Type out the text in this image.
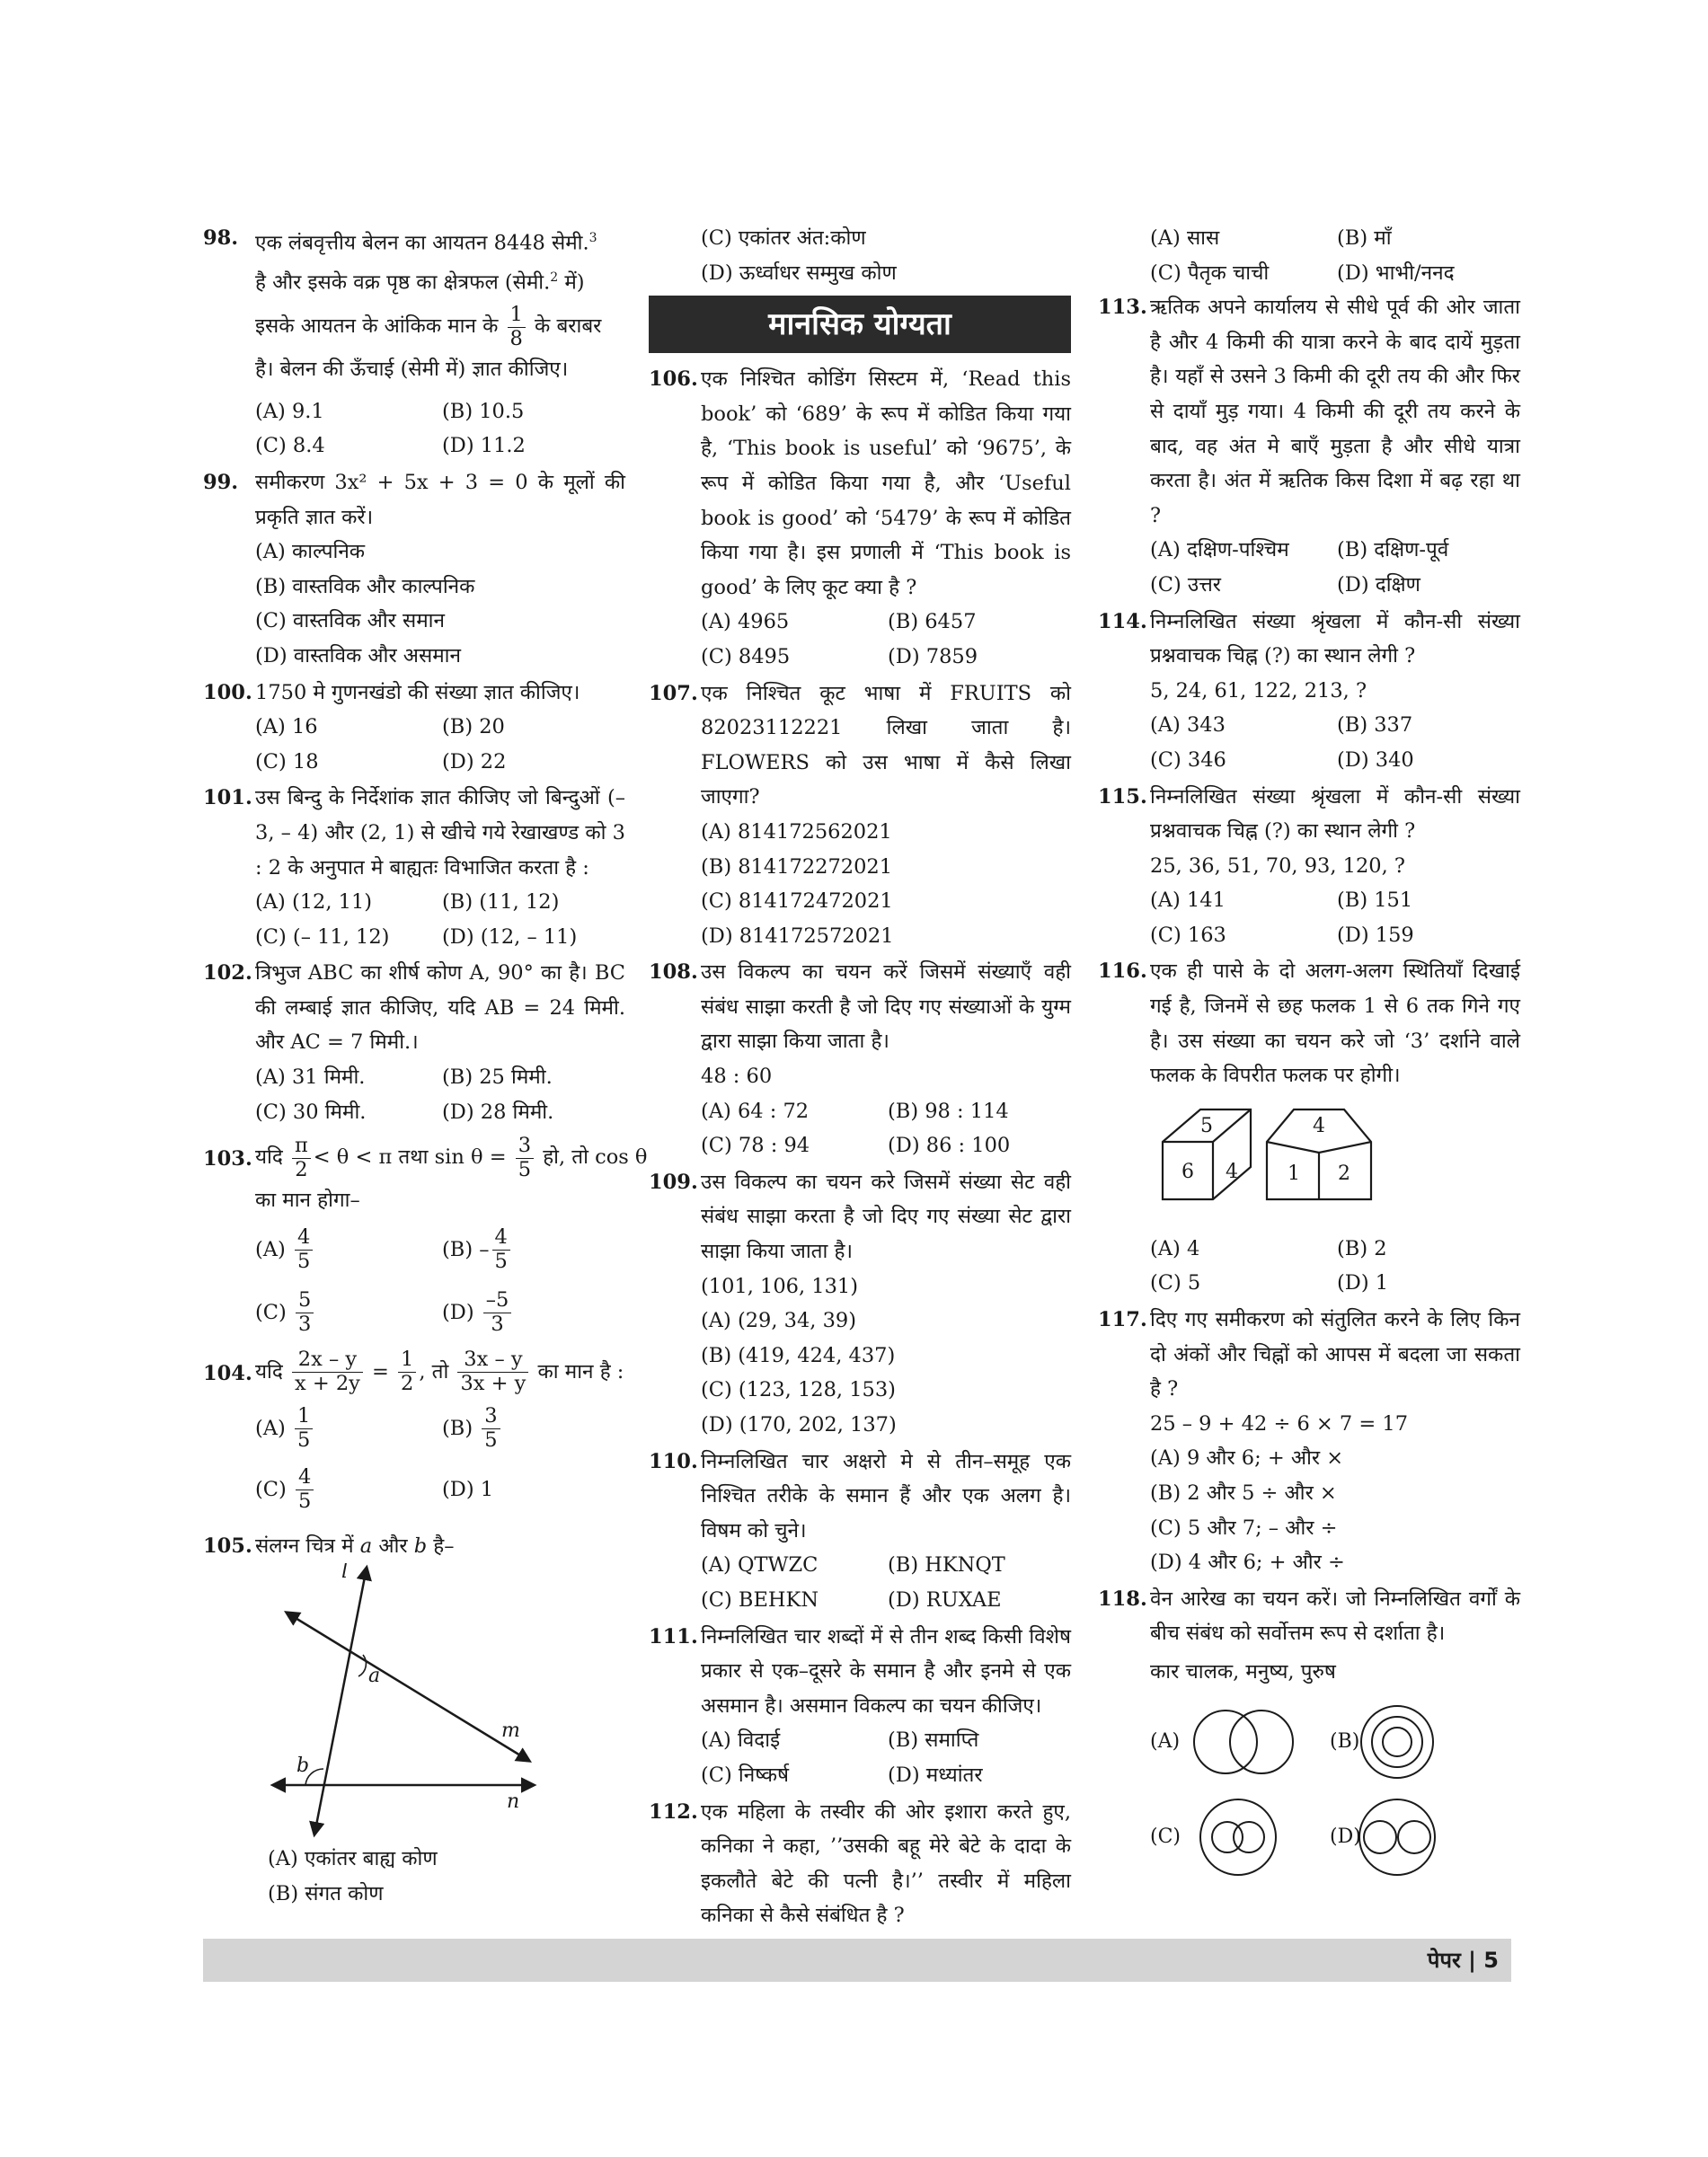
98. एक लंबवृत्तीय बेलन का आयतन 8448 सेमी.$^3$
है और इसके वक्र पृष्ठ का क्षेत्रफल (सेमी.$^2$ में)
इसके आयतन के आंकिक मान के $\frac{1}{8}$ के बराबर
है। बेलन की ऊँचाई (सेमी में) ज्ञात कीजिए।
(A) 9.1	(B) 10.5
(C) 8.4	(D) 11.2
99. समीकरण 3x² + 5x + 3 = 0 के मूलों की प्रकृति ज्ञात करें।
(A) काल्पनिक
(B) वास्तविक और काल्पनिक
(C) वास्तविक और समान
(D) वास्तविक और असमान
100. 1750 मे गुणनखंडो की संख्या ज्ञात कीजिए।
(A) 16	(B) 20
(C) 18	(D) 22
101. उस बिन्दु के निर्देशांक ज्ञात कीजिए जो बिन्दुओं (–3, – 4) और (2, 1) से खीचे गये रेखाखण्ड को 3 : 2 के अनुपात मे बाह्यतः विभाजित करता है :
(A) (12, 11)	(B) (11, 12)
(C) (– 11, 12)	(D) (12, – 11)
102. त्रिभुज ABC का शीर्ष कोण A, 90° का है। BC की लम्बाई ज्ञात कीजिए, यदि AB = 24 मिमी. और AC = 7 मिमी.।
(A) 31 मिमी.	(B) 25 मिमी.
(C) 30 मिमी.	(D) 28 मिमी.
103. यदि $\frac{\pi}{2} < \theta < \pi$ तथा $\sin \theta = \frac{3}{5}$ हो, तो cos θ
का मान होगा–
$(A) \frac{4}{5}$	$(B) - \frac{4}{5}$
$(C) \frac{5}{3}$	$(D) \frac{-5}{3}$
104. यदि $\frac{2x - y}{x + 2y} = \frac{1}{2}$ , तो $\frac{3x - y}{3x + y}$ का मान है :
$(A) \frac{1}{5}$	$(B) \frac{3}{5}$
$(C) \frac{4}{5}$	(D) 1
105. संलग्न चित्र में a और b है–
l
a
m
b
n
(A) एकांतर बाह्य कोण
(B) संगत कोण
(C) एकांतर अंत:कोण
(D) ऊर्ध्वाधर सम्मुख कोण
मानसिक योग्यता
106. एक निश्चित कोडिंग सिस्टम में, ‘Read this book’ को ‘689’ के रूप में कोडित किया गया है, ‘This book is useful’ को ‘9675’, के रूप में कोडित किया गया है, और ‘Useful book is good’ को ‘5479’ के रूप में कोडित किया गया है। इस प्रणाली में ‘This book is good’ के लिए कूट क्या है ?
(A) 4965	(B) 6457
(C) 8495	(D) 7859
107. एक निश्चित कूट भाषा में FRUITS को 82023112221 लिखा जाता है। FLOWERS को उस भाषा में कैसे लिखा जाएगा?
(A) 814172562021
(B) 814172272021
(C) 814172472021
(D) 814172572021
108. उस विकल्प का चयन करें जिसमें संख्याएँ वही संबंध साझा करती है जो दिए गए संख्याओं के युग्म द्वारा साझा किया जाता है।
48 : 60
(A) 64 : 72	(B) 98 : 114
(C) 78 : 94	(D) 86 : 100
109. उस विकल्प का चयन करे जिसमें संख्या सेट वही संबंध साझा करता है जो दिए गए संख्या सेट द्वारा साझा किया जाता है।
(101, 106, 131)
(A) (29, 34, 39)
(B) (419, 424, 437)
(C) (123, 128, 153)
(D) (170, 202, 137)
110. निम्नलिखित चार अक्षरो मे से तीन–समूह एक निश्चित तरीके के समान हैं और एक अलग है। विषम को चुने।
(A) QTWZC	(B) HKNQT
(C) BEHKN	(D) RUXAE
111. निम्नलिखित चार शब्दों में से तीन शब्द किसी विशेष प्रकार से एक–दूसरे के समान है और इनमे से एक असमान है। असमान विकल्प का चयन कीजिए।
(A) विदाई	(B) समाप्ति
(C) निष्कर्ष	(D) मध्यांतर
112. एक महिला के तस्वीर की ओर इशारा करते हुए, कनिका ने कहा, ’’उसकी बहू मेरे बेटे के दादा के इकलौते बेटे की पत्नी है।’’ तस्वीर में महिला कनिका से कैसे संबंधित है ?
(A) सास	(B) माँ
(C) पैतृक चाची	(D) भाभी/ननद
113. ऋतिक अपने कार्यालय से सीधे पूर्व की ओर जाता है और 4 किमी की यात्रा करने के बाद दायें मुड़ता है। यहाँ से उसने 3 किमी की दूरी तय की और फिर से दायाँ मुड़ गया। 4 किमी की दूरी तय करने के बाद, वह अंत मे बाएँ मुड़ता है और सीधे यात्रा करता है। अंत में ऋतिक किस दिशा में बढ़ रहा था ?
(A) दक्षिण-पश्चिम	(B) दक्षिण-पूर्व
(C) उत्तर	(D) दक्षिण
114. निम्नलिखित संख्या श्रृंखला में कौन-सी संख्या प्रश्नवाचक चिह्न (?) का स्थान लेगी ?
5, 24, 61, 122, 213, ?
(A) 343	(B) 337
(C) 346	(D) 340
115. निम्नलिखित संख्या श्रृंखला में कौन-सी संख्या प्रश्नवाचक चिह्न (?) का स्थान लेगी ?
25, 36, 51, 70, 93, 120, ?
(A) 141	(B) 151
(C) 163	(D) 159
116. एक ही पासे के दो अलग-अलग स्थितियाँ दिखाई गई है, जिनमें से छह फलक 1 से 6 तक गिने गए है। उस संख्या का चयन करे जो ‘3’ दर्शाने वाले फलक के विपरीत फलक पर होगी।
5
6 4
4
1 2
(A) 4	(B) 2
(C) 5	(D) 1
117. दिए गए समीकरण को संतुलित करने के लिए किन दो अंकों और चिह्नों को आपस में बदला जा सकता है ?
25 – 9 + 42 ÷ 6 × 7 = 17
(A) 9 और 6; + और ×
(B) 2 और 5 ÷ और ×
(C) 5 और 7; – और ÷
(D) 4 और 6; + और ÷
118. वेन आरेख का चयन करें। जो निम्नलिखित वर्गों के बीच संबंध को सर्वोत्तम रूप से दर्शाता है।
कार चालक, मनुष्य, पुरुष
(A)	(B)
(C)	(D)
पेपर | 5
